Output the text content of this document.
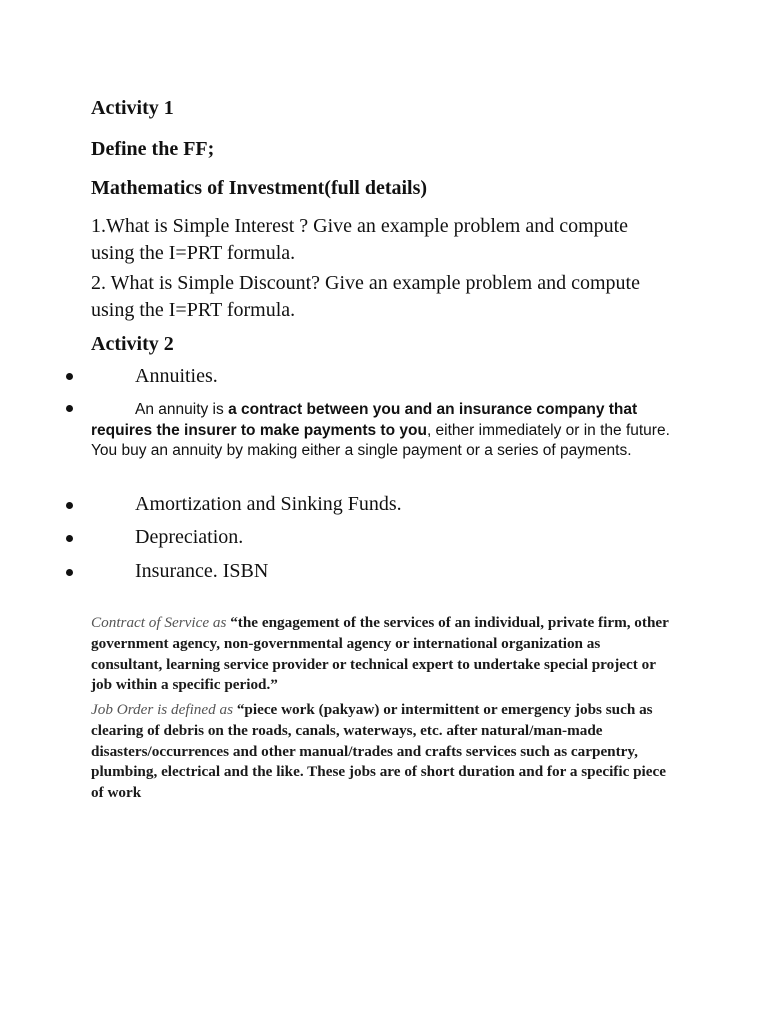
Activity 1
Define the FF;
Mathematics of Investment(full details)
1.What is Simple Interest ? Give an example problem and compute using the I=PRT formula.
2. What is Simple Discount? Give an example problem and compute using the I=PRT formula.
Activity 2
Annuities.
An annuity is a contract between you and an insurance company that requires the insurer to make payments to you, either immediately or in the future. You buy an annuity by making either a single payment or a series of payments.
Amortization and Sinking Funds.
Depreciation.
Insurance. ISBN
Contract of Service as “the engagement of the services of an individual, private firm, other government agency, non-governmental agency or international organization as consultant, learning service provider or technical expert to undertake special project or job within a specific period.”
Job Order is defined as “piece work (pakyaw) or intermittent or emergency jobs such as clearing of debris on the roads, canals, waterways, etc. after natural/man-made disasters/occurrences and other manual/trades and crafts services such as carpentry, plumbing, electrical and the like. These jobs are of short duration and for a specific piece of work
